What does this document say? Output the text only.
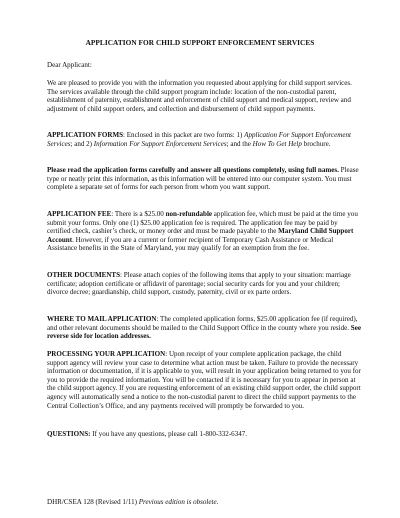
APPLICATION FOR CHILD SUPPORT ENFORCEMENT SERVICES

Dear Applicant:

We are pleased to provide you with the information you requested about applying for child support services. The services available through the child support program include: location of the non-custodial parent, establishment of paternity, establishment and enforcement of child support and medical support, review and adjustment of child support orders, and collection and disbursement of child support payments.

APPLICATION FORMS: Enclosed in this packet are two forms: 1) Application For Support Enforcement Services; and 2) Information For Support Enforcement Services; and the How To Get Help brochure.

Please read the application forms carefully and answer all questions completely, using full names. Please type or neatly print this information, as this information will be entered into our computer system. You must complete a separate set of forms for each person from whom you want support.

APPLICATION FEE: There is a $25.00 non-refundable application fee, which must be paid at the time you submit your forms. Only one (1) $25.00 application fee is required. The application fee may be paid by certified check, cashier’s check, or money order and must be made payable to the Maryland Child Support Account. However, if you are a current or former recipient of Temporary Cash Assistance or Medical Assistance benefits in the State of Maryland, you may qualify for an exemption from the fee.

OTHER DOCUMENTS: Please attach copies of the following items that apply to your situation: marriage certificate; adoption certificate or affidavit of parentage; social security cards for you and your children; divorce decree; guardianship, child support, custody, paternity, civil or ex parte orders.

WHERE TO MAIL APPLICATION: The completed application forms, $25.00 application fee (if required), and other relevant documents should be mailed to the Child Support Office in the county where you reside. See reverse side for location addresses.

PROCESSING YOUR APPLICATION: Upon receipt of your complete application package, the child support agency will review your case to determine what action must be taken. Failure to provide the necessary information or documentation, if it is applicable to you, will result in your application being returned to you for you to provide the required information. You will be contacted if it is necessary for you to appear in person at the child support agency. If you are requesting enforcement of an existing child support order, the child support agency will automatically send a notice to the non-custodial parent to direct the child support payments to the Central Collection’s Office, and any payments received will promptly be forwarded to you.

QUESTIONS: If you have any questions, please call 1-800-332-6347.

DHR/CSEA 128 (Revised 1/11) Previous edition is obsolete.
